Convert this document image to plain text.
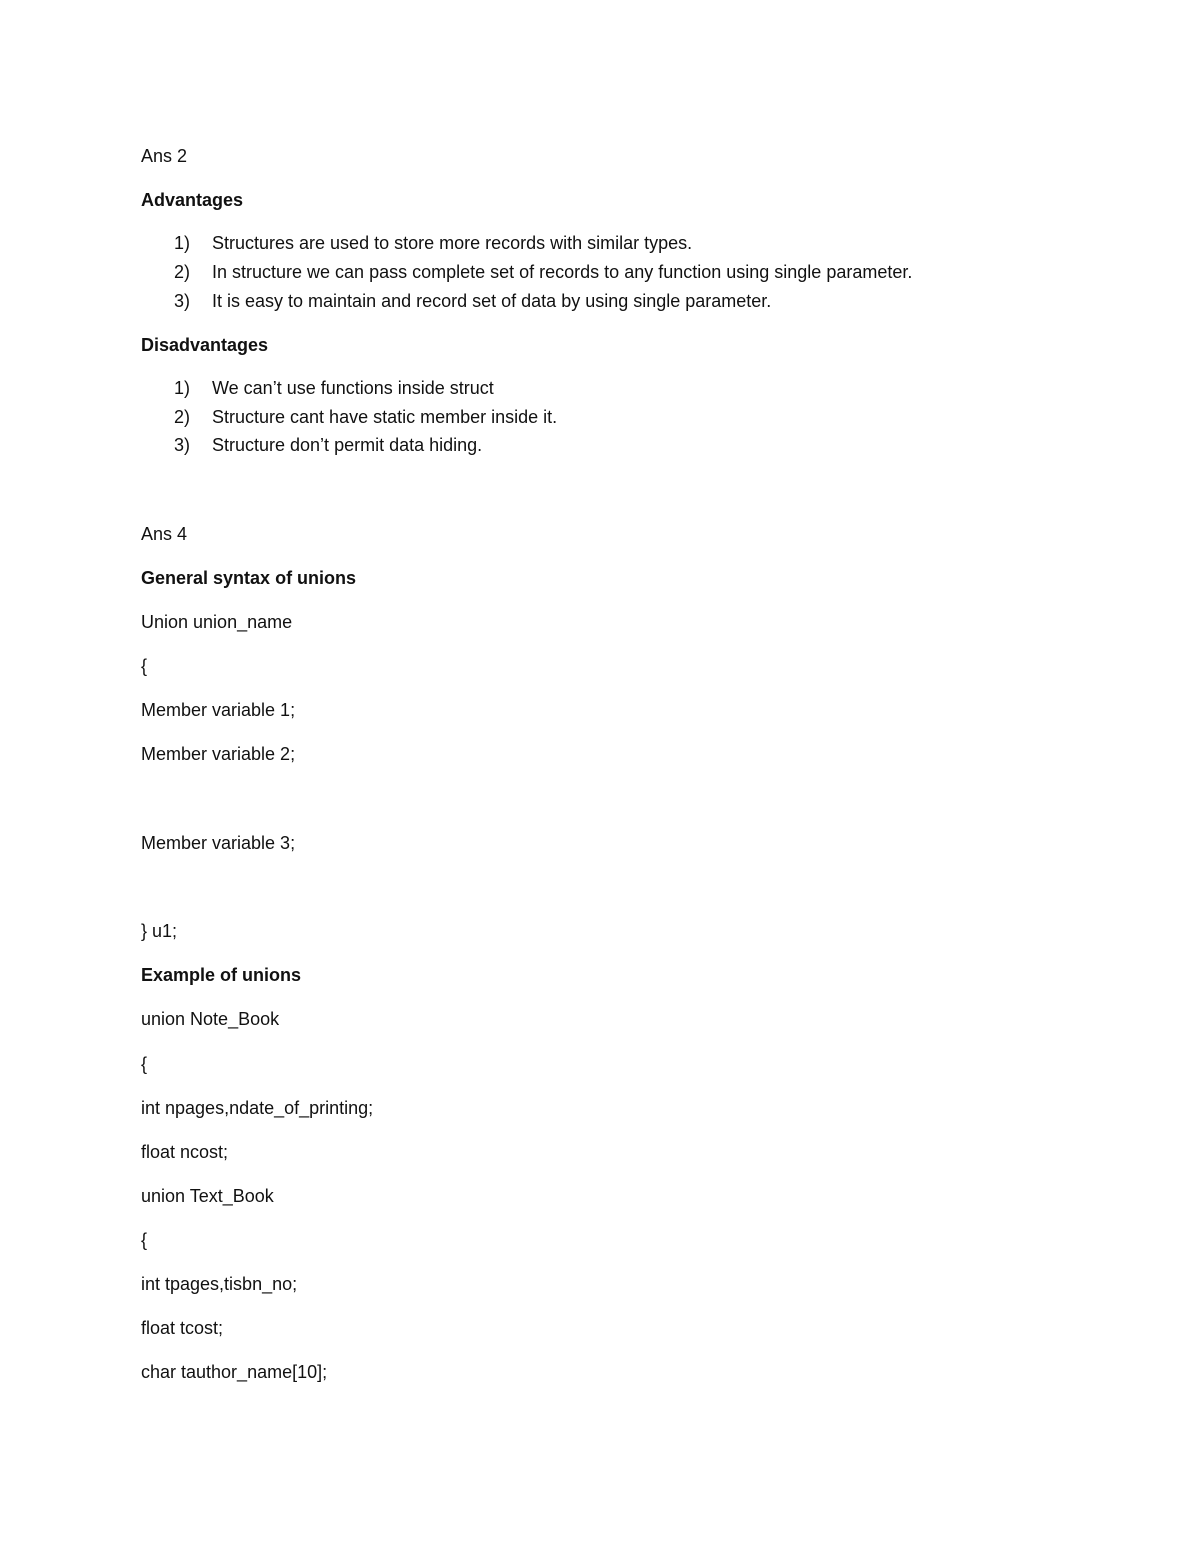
Ans 2
Advantages
1) Structures are used to store more records with similar types.
2) In structure we can pass complete set of records to any function using single parameter.
3) It is easy to maintain and record set of data by using single parameter.
Disadvantages
1) We can’t use functions inside struct
2) Structure cant have static member inside it.
3) Structure don’t permit data hiding.
Ans 4
General syntax of unions
Union union_name
{
Member variable 1;
Member variable 2;
Member variable 3;
} u1;
Example of unions
union Note_Book
{
int npages,ndate_of_printing;
float ncost;
union Text_Book
{
int tpages,tisbn_no;
float tcost;
char tauthor_name[10];
